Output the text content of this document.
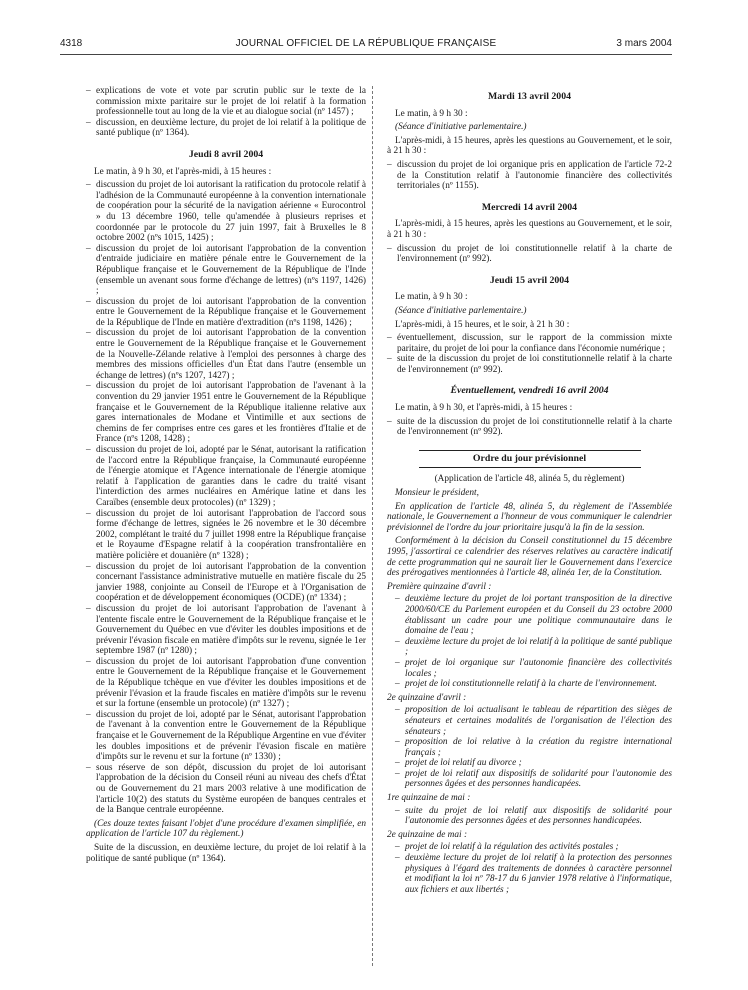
4318	JOURNAL OFFICIEL DE LA RÉPUBLIQUE FRANÇAISE	3 mars 2004
– explications de vote et vote par scrutin public sur le texte de la commission mixte paritaire sur le projet de loi relatif à la formation professionnelle tout au long de la vie et au dialogue social (nº 1457) ;
– discussion, en deuxième lecture, du projet de loi relatif à la politique de santé publique (nº 1364).
Jeudi 8 avril 2004

Le matin, à 9 h 30, et l'après-midi, à 15 heures :

– discussion du projet de loi autorisant la ratification du protocole relatif à l'adhésion de la Communauté européenne à la convention internationale de coopération pour la sécurité de la navigation aérienne « Eurocontrol » du 13 décembre 1960, telle qu'amendée à plusieurs reprises et coordonnée par le protocole du 27 juin 1997, fait à Bruxelles le 8 octobre 2002 (nºs 1015, 1425) ;
– discussion du projet de loi autorisant l'approbation de la convention d'entraide judiciaire en matière pénale entre le Gouvernement de la République française et le Gouvernement de la République de l'Inde (ensemble un avenant sous forme d'échange de lettres) (nºs 1197, 1426) ;
– discussion du projet de loi autorisant l'approbation de la convention entre le Gouvernement de la République française et le Gouvernement de la République de l'Inde en matière d'extradition (nºs 1198, 1426) ;
– discussion du projet de loi autorisant l'approbation de la convention entre le Gouvernement de la République française et le Gouvernement de la Nouvelle-Zélande relative à l'emploi des personnes à charge des membres des missions officielles d'un État dans l'autre (ensemble un échange de lettres) (nºs 1207, 1427) ;
– discussion du projet de loi autorisant l'approbation de l'avenant à la convention du 29 janvier 1951 entre le Gouvernement de la République française et le Gouvernement de la République italienne relative aux gares internationales de Modane et Vintimille et aux sections de chemins de fer comprises entre ces gares et les frontières d'Italie et de France (nºs 1208, 1428) ;
– discussion du projet de loi, adopté par le Sénat, autorisant la ratification de l'accord entre la République française, la Communauté européenne de l'énergie atomique et l'Agence internationale de l'énergie atomique relatif à l'application de garanties dans le cadre du traité visant l'interdiction des armes nucléaires en Amérique latine et dans les Caraïbes (ensemble deux protocoles) (nº 1329) ;
– discussion du projet de loi autorisant l'approbation de l'accord sous forme d'échange de lettres, signées le 26 novembre et le 30 décembre 2002, complétant le traité du 7 juillet 1998 entre la République française et le Royaume d'Espagne relatif à la coopération transfrontalière en matière policière et douanière (nº 1328) ;
– discussion du projet de loi autorisant l'approbation de la convention concernant l'assistance administrative mutuelle en matière fiscale du 25 janvier 1988, conjointe au Conseil de l'Europe et à l'Organisation de coopération et de développement économiques (OCDE) (nº 1334) ;
– discussion du projet de loi autorisant l'approbation de l'avenant à l'entente fiscale entre le Gouvernement de la République française et le Gouvernement du Québec en vue d'éviter les doubles impositions et de prévenir l'évasion fiscale en matière d'impôts sur le revenu, signée le 1er septembre 1987 (nº 1280) ;
– discussion du projet de loi autorisant l'approbation d'une convention entre le Gouvernement de la République française et le Gouvernement de la République tchèque en vue d'éviter les doubles impositions et de prévenir l'évasion et la fraude fiscales en matière d'impôts sur le revenu et sur la fortune (ensemble un protocole) (nº 1327) ;
– discussion du projet de loi, adopté par le Sénat, autorisant l'approbation de l'avenant à la convention entre le Gouvernement de la République française et le Gouvernement de la République Argentine en vue d'éviter les doubles impositions et de prévenir l'évasion fiscale en matière d'impôts sur le revenu et sur la fortune (nº 1330) ;
– sous réserve de son dépôt, discussion du projet de loi autorisant l'approbation de la décision du Conseil réuni au niveau des chefs d'État ou de Gouvernement du 21 mars 2003 relative à une modification de l'article 10(2) des statuts du Système européen de banques centrales et de la Banque centrale européenne.

(Ces douze textes faisant l'objet d'une procédure d'examen simplifiée, en application de l'article 107 du règlement.)

Suite de la discussion, en deuxième lecture, du projet de loi relatif à la politique de santé publique (nº 1364).

Mardi 13 avril 2004

Le matin, à 9 h 30 :

(Séance d'initiative parlementaire.)

L'après-midi, à 15 heures, après les questions au Gouvernement, et le soir, à 21 h 30 :

– discussion du projet de loi organique pris en application de l'article 72-2 de la Constitution relatif à l'autonomie financière des collectivités territoriales (nº 1155).
Mercredi 14 avril 2004

L'après-midi, à 15 heures, après les questions au Gouvernement, et le soir, à 21 h 30 :

– discussion du projet de loi constitutionnelle relatif à la charte de l'environnement (nº 992).
Jeudi 15 avril 2004

Le matin, à 9 h 30 :

(Séance d'initiative parlementaire.)

L'après-midi, à 15 heures, et le soir, à 21 h 30 :

– éventuellement, discussion, sur le rapport de la commission mixte paritaire, du projet de loi pour la confiance dans l'économie numérique ;
– suite de la discussion du projet de loi constitutionnelle relatif à la charte de l'environnement (nº 992).
Éventuellement, vendredi 16 avril 2004

Le matin, à 9 h 30, et l'après-midi, à 15 heures :

– suite de la discussion du projet de loi constitutionnelle relatif à la charte de l'environnement (nº 992).
Ordre du jour prévisionnel

(Application de l'article 48, alinéa 5, du règlement)

Monsieur le président,

En application de l'article 48, alinéa 5, du règlement de l'Assemblée nationale, le Gouvernement a l'honneur de vous communiquer le calendrier prévisionnel de l'ordre du jour prioritaire jusqu'à la fin de la session.

Conformément à la décision du Conseil constitutionnel du 15 décembre 1995, j'assortirai ce calendrier des réserves relatives au caractère indicatif de cette programmation qui ne saurait lier le Gouvernement dans l'exercice des prérogatives mentionnées à l'article 48, alinéa 1er, de la Constitution.

Première quinzaine d'avril :

– deuxième lecture du projet de loi portant transposition de la directive 2000/60/CE du Parlement européen et du Conseil du 23 octobre 2000 établissant un cadre pour une politique communautaire dans le domaine de l'eau ;
– deuxième lecture du projet de loi relatif à la politique de santé publique ;
– projet de loi organique sur l'autonomie financière des collectivités locales ;
– projet de loi constitutionnelle relatif à la charte de l'environnement.

2e quinzaine d'avril :

– proposition de loi actualisant le tableau de répartition des sièges de sénateurs et certaines modalités de l'organisation de l'élection des sénateurs ;
– proposition de loi relative à la création du registre international français ;
– projet de loi relatif au divorce ;
– projet de loi relatif aux dispositifs de solidarité pour l'autonomie des personnes âgées et des personnes handicapées.

1re quinzaine de mai :

– suite du projet de loi relatif aux dispositifs de solidarité pour l'autonomie des personnes âgées et des personnes handicapées.

2e quinzaine de mai :

– projet de loi relatif à la régulation des activités postales ;
– deuxième lecture du projet de loi relatif à la protection des personnes physiques à l'égard des traitements de données à caractère personnel et modifiant la loi nº 78-17 du 6 janvier 1978 relative à l'informatique, aux fichiers et aux libertés ;
